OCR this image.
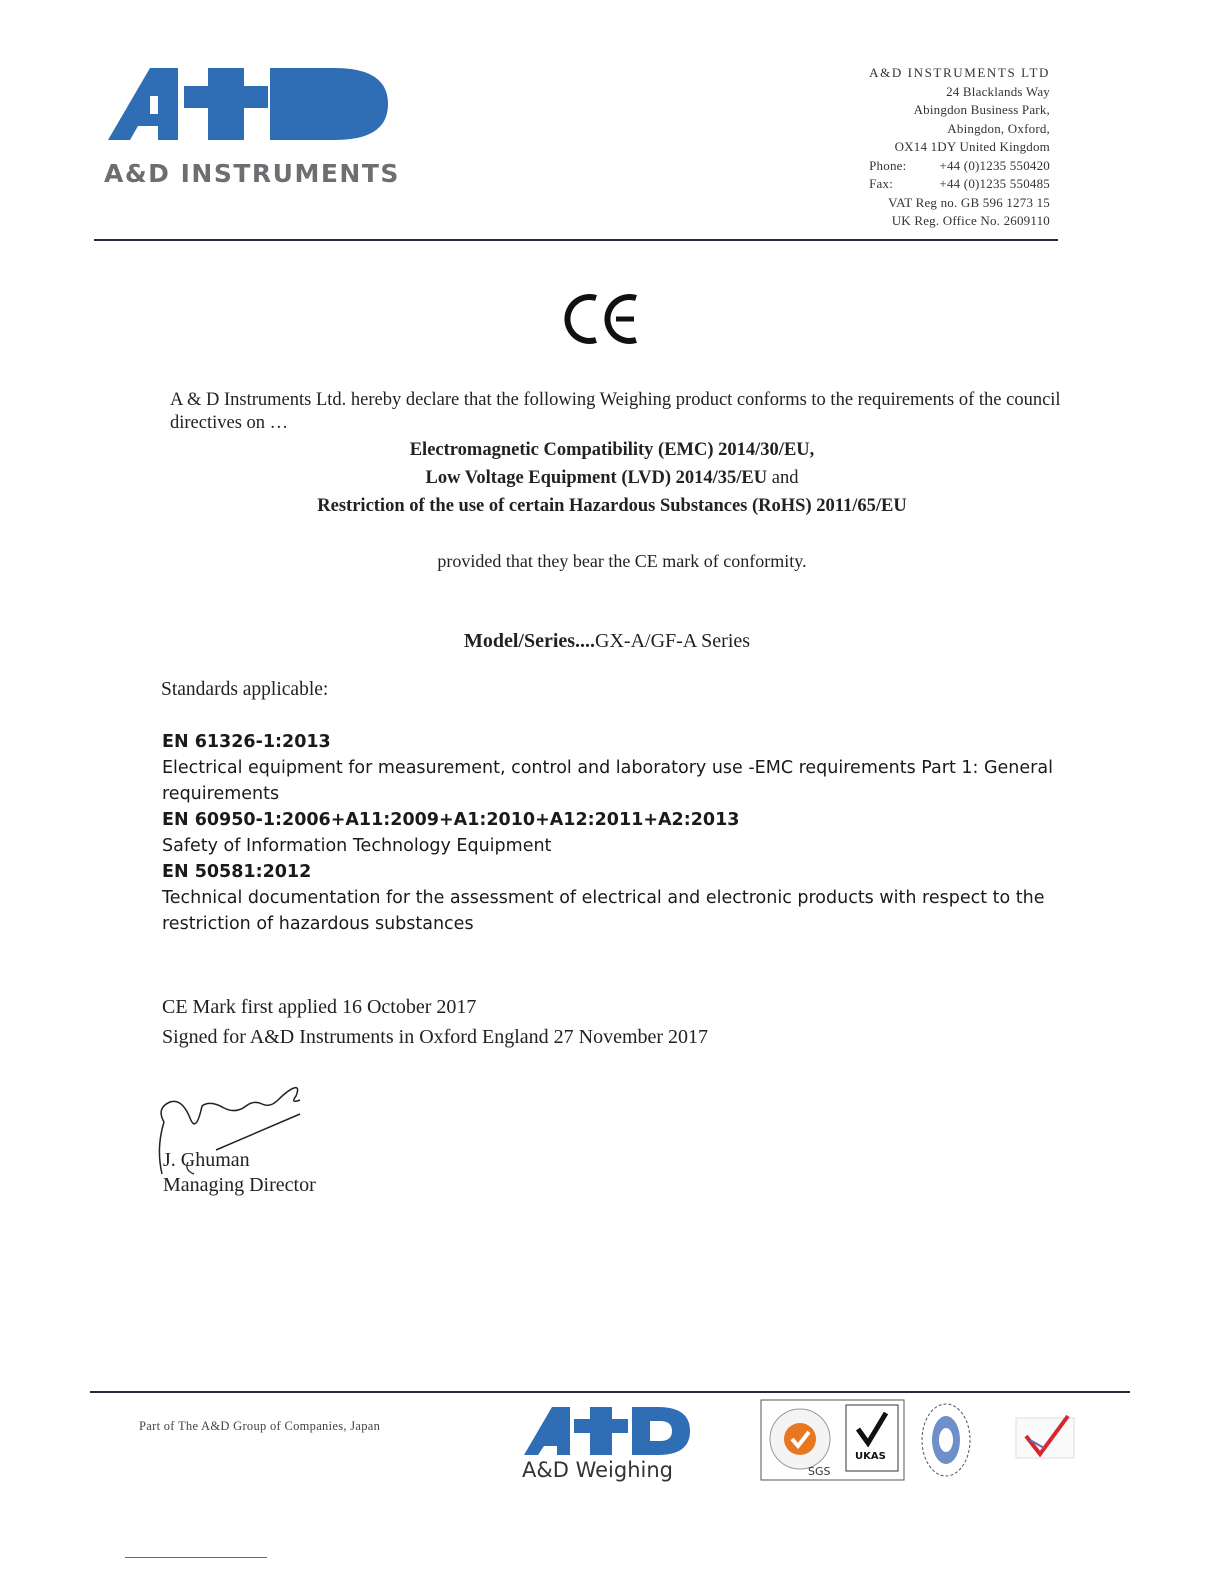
A&D INSTRUMENTS
A&D INSTRUMENTS LTD
24 Blacklands Way
Abingdon Business Park,
Abingdon, Oxford,
OX14 1DY United Kingdom
Phone:	+44 (0)1235 550420
Fax:	+44 (0)1235 550485
VAT Reg no. GB 596 1273 15
UK Reg. Office No. 2609110
A & D Instruments Ltd. hereby declare that the following Weighing product conforms to the requirements of the council directives on …
Electromagnetic Compatibility (EMC) 2014/30/EU,
Low Voltage Equipment (LVD) 2014/35/EU and
Restriction of the use of certain Hazardous Substances (RoHS) 2011/65/EU
provided that they bear the CE mark of conformity.
Model/Series....GX-A/GF-A Series
Standards applicable:
EN 61326-1:2013
Electrical equipment for measurement, control and laboratory use -EMC requirements Part 1: General requirements
EN 60950-1:2006+A11:2009+A1:2010+A12:2011+A2:2013
Safety of Information Technology Equipment
EN 50581:2012
Technical documentation for the assessment of electrical and electronic products with respect to the restriction of hazardous substances
CE Mark first applied 16 October 2017
Signed for A&D Instruments in Oxford England 27 November 2017
J. Ghuman
Managing Director
Part of The A&D Group of Companies, Japan
A&D Weighing	SGS
UKAS
